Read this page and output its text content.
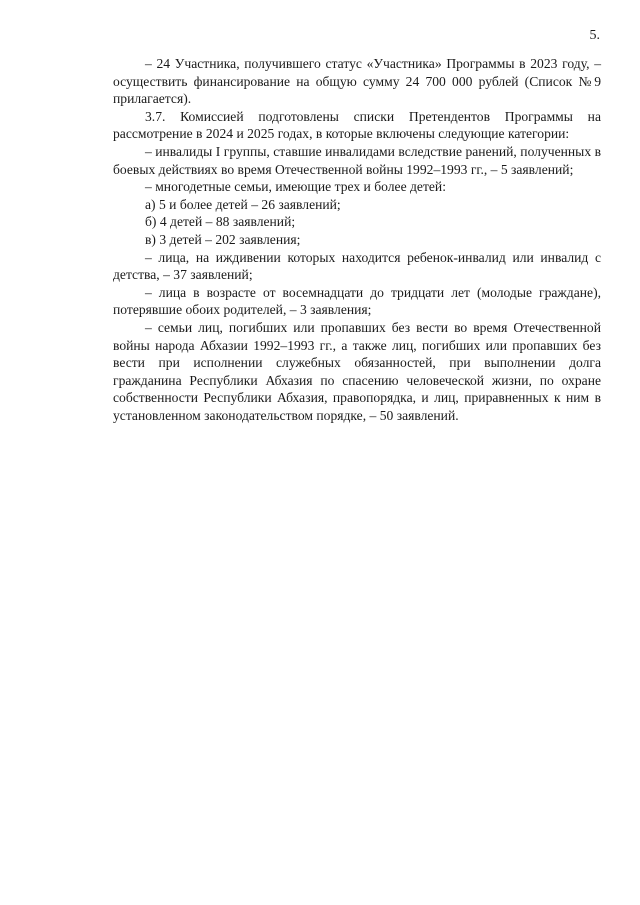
5.

– 24 Участника, получившего статус «Участника» Программы в 2023 году, – осуществить финансирование на общую сумму 24 700 000 рублей (Список №9 прилагается).

3.7. Комиссией подготовлены списки Претендентов Программы на рассмотрение в 2024 и 2025 годах, в которые включены следующие категории:

– инвалиды I группы, ставшие инвалидами вследствие ранений, полученных в боевых действиях во время Отечественной войны 1992–1993 гг., – 5 заявлений;

– многодетные семьи, имеющие трех и более детей:

а) 5 и более детей – 26 заявлений;

б) 4 детей – 88 заявлений;

в) 3 детей – 202 заявления;

– лица, на иждивении которых находится ребенок-инвалид или инвалид с детства, – 37 заявлений;

– лица в возрасте от восемнадцати до тридцати лет (молодые граждане), потерявшие обоих родителей, – 3 заявления;

– семьи лиц, погибших или пропавших без вести во время Отечественной войны народа Абхазии 1992–1993 гг., а также лиц, погибших или пропавших без вести при исполнении служебных обязанностей, при выполнении долга гражданина Республики Абхазия по спасению человеческой жизни, по охране собственности Республики Абхазия, правопорядка, и лиц, приравненных к ним в установленном законодательством порядке, – 50 заявлений.
